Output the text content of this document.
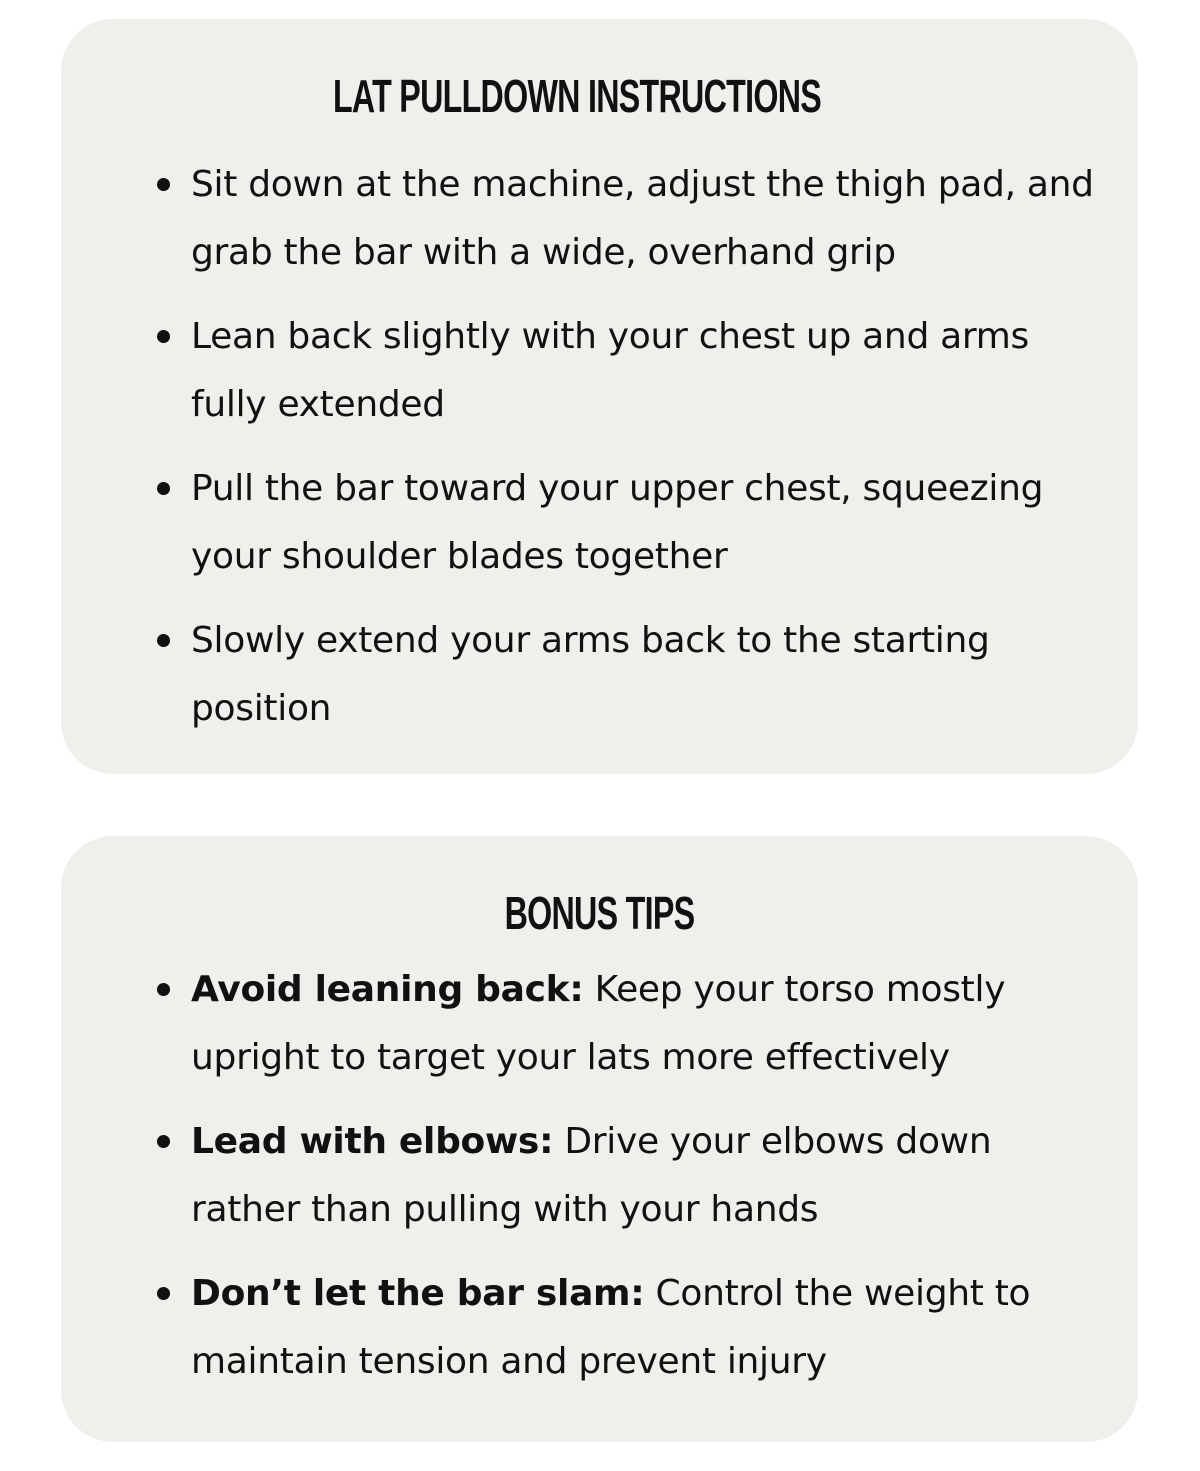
LAT PULLDOWN INSTRUCTIONS
Sit down at the machine, adjust the thigh pad, and grab the bar with a wide, overhand grip
Lean back slightly with your chest up and arms fully extended
Pull the bar toward your upper chest, squeezing your shoulder blades together
Slowly extend your arms back to the starting position
BONUS TIPS
Avoid leaning back: Keep your torso mostly upright to target your lats more effectively
Lead with elbows: Drive your elbows down rather than pulling with your hands
Don’t let the bar slam: Control the weight to maintain tension and prevent injury
